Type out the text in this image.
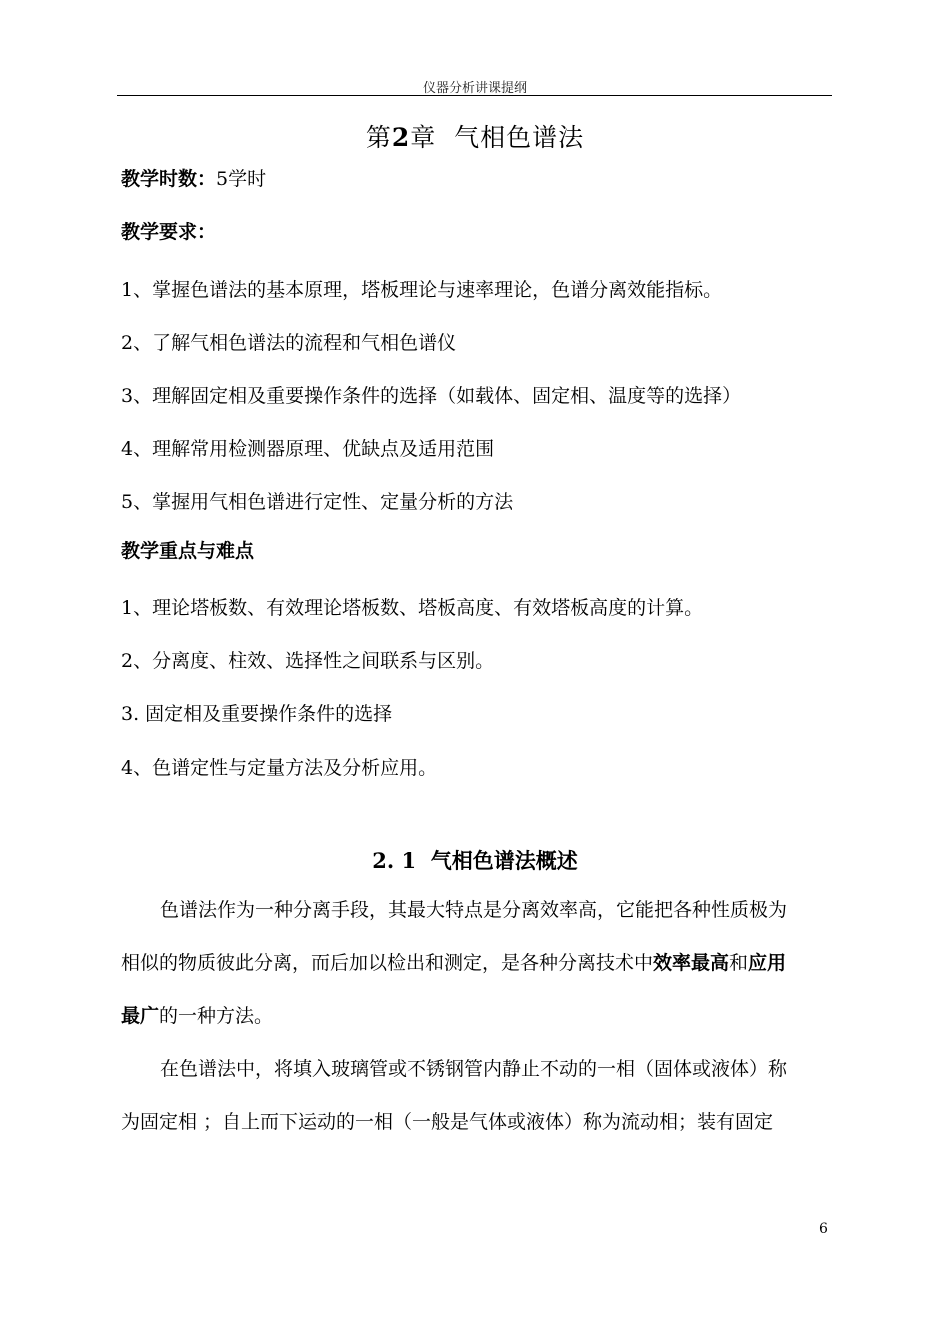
仪器分析讲课提纲
第2章  气相色谱法
教学时数：5学时
教学要求：
1、掌握色谱法的基本原理，塔板理论与速率理论，色谱分离效能指标。
2、了解气相色谱法的流程和气相色谱仪
3、理解固定相及重要操作条件的选择（如载体、固定相、温度等的选择）
4、理解常用检测器原理、优缺点及适用范围
5、掌握用气相色谱进行定性、定量分析的方法
教学重点与难点
1、理论塔板数、有效理论塔板数、塔板高度、有效塔板高度的计算。
2、分离度、柱效、选择性之间联系与区别。
3. 固定相及重要操作条件的选择
4、色谱定性与定量方法及分析应用。
2. 1 气相色谱法概述
色谱法作为一种分离手段，其最大特点是分离效率高，它能把各种性质极为
相似的物质彼此分离，而后加以检出和测定，是各种分离技术中效率最高和应用
最广的一种方法。
在色谱法中，将填入玻璃管或不锈钢管内静止不动的一相（固体或液体）称
为固定相 ；自上而下运动的一相（一般是气体或液体）称为流动相；装有固定
6
